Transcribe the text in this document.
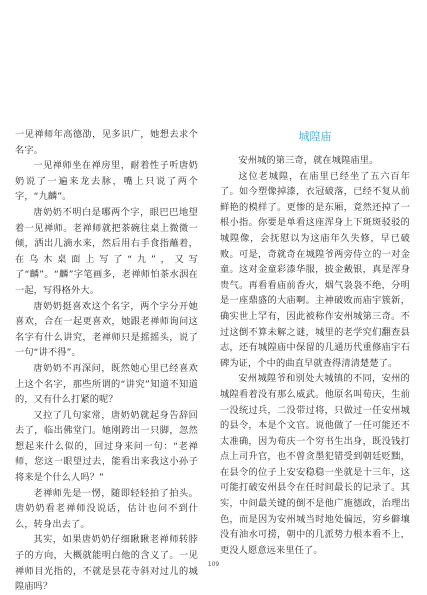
一见禅师年高德劭，见多识广，她想去求个名字。

一见禅师坐在禅房里，耐着性子听唐奶奶说了一遍来龙去脉，嘴上只说了两个字，“九麟”。

唐奶奶不明白是哪两个字，眼巴巴地望着一见禅师。老禅师就把茶碗往桌上微微一倾，洒出几滴水来，然后用右手食指蘸着，在乌木桌面上写了“九”，又写了“麟”。“麟”字笔画多，老禅师怕茶水洇在一起，写得格外大。

唐奶奶挺喜欢这个名字，两个字分开她喜欢，合在一起更喜欢，她跟老禅师询问这名字有什么讲究，老禅师只是摇摇头，说了一句“讲不得”。

唐奶奶不再深问，既然她心里已经喜欢上这个名字，那些所谓的“讲究”知道不知道的，又有什么打紧的呢？

又拉了几句家常，唐奶奶就起身告辞回去了，临出佛堂门。她刚跨出一只脚，忽然想起来什么似的，回过身来问一句：“老禅师，您这一眼望过去，能看出来我这小孙子将来是个什么人吗？”

老禅师先是一愣，随即轻轻拍了拍头。唐奶奶看老禅师没说话，估计也问不到什么，转身出去了。

其实，如果唐奶奶仔细瞅瞅老禅师转脖子的方向，大概就能明白他的含义了。一见禅师目光指的，不就是昙花寺斜对过儿的城隍庙吗？

城隍庙

安州城的第三奇，就在城隍庙里。

这位老城隍，在庙里已经坐了五六百年了。如今塑像掉漆，衣冠破落，已经不复从前鲜艳的模样了。更惨的是东厢，竟然还掉了一根小指。你要是单看这座浑身上下斑斑驳驳的城隍像，会抚慰以为这庙年久失修，早已破败。可是，奇就奇在城隍爷两旁侍立的一对金童。这对金童彩漆华服，披金戴银，真是浑身贵气。再看看庙前香火，烟气袅袅不绝，分明是一座鼎盛的大庙啊。主神破败而庙宇簇新，确实世上罕有，因此被称作安州城第三奇。不过这倒不算未解之谜，城里的老学究们翻查县志，还有城隍庙中保留的几通历代重修庙宇石碑为证，个中的曲直早就查得清清楚楚了。

安州城隍爷和别处大城镇的不同，安州的城隍看着没有那么威武。他原名叫荀庆，生前一没统过兵，二没带过将，只做过一任安州城的县令，本是个文官。说他做了一任可能还不太准确，因为荀庆一个穷书生出身，既没钱打点上司升官，也不曾贪墨犯错受到朝廷贬黜，在县令的位子上安安稳稳一坐就是十三年，这可能打破安州县令在任时间最长的记录了。其实，中间最关键的倒不是他广施德政，治理出色，而是因为安州城当时地处偏远，穷乡僻壤没有油水可捞，朝中的几派势力根本看不上，更没人愿意远来里任了。

109
